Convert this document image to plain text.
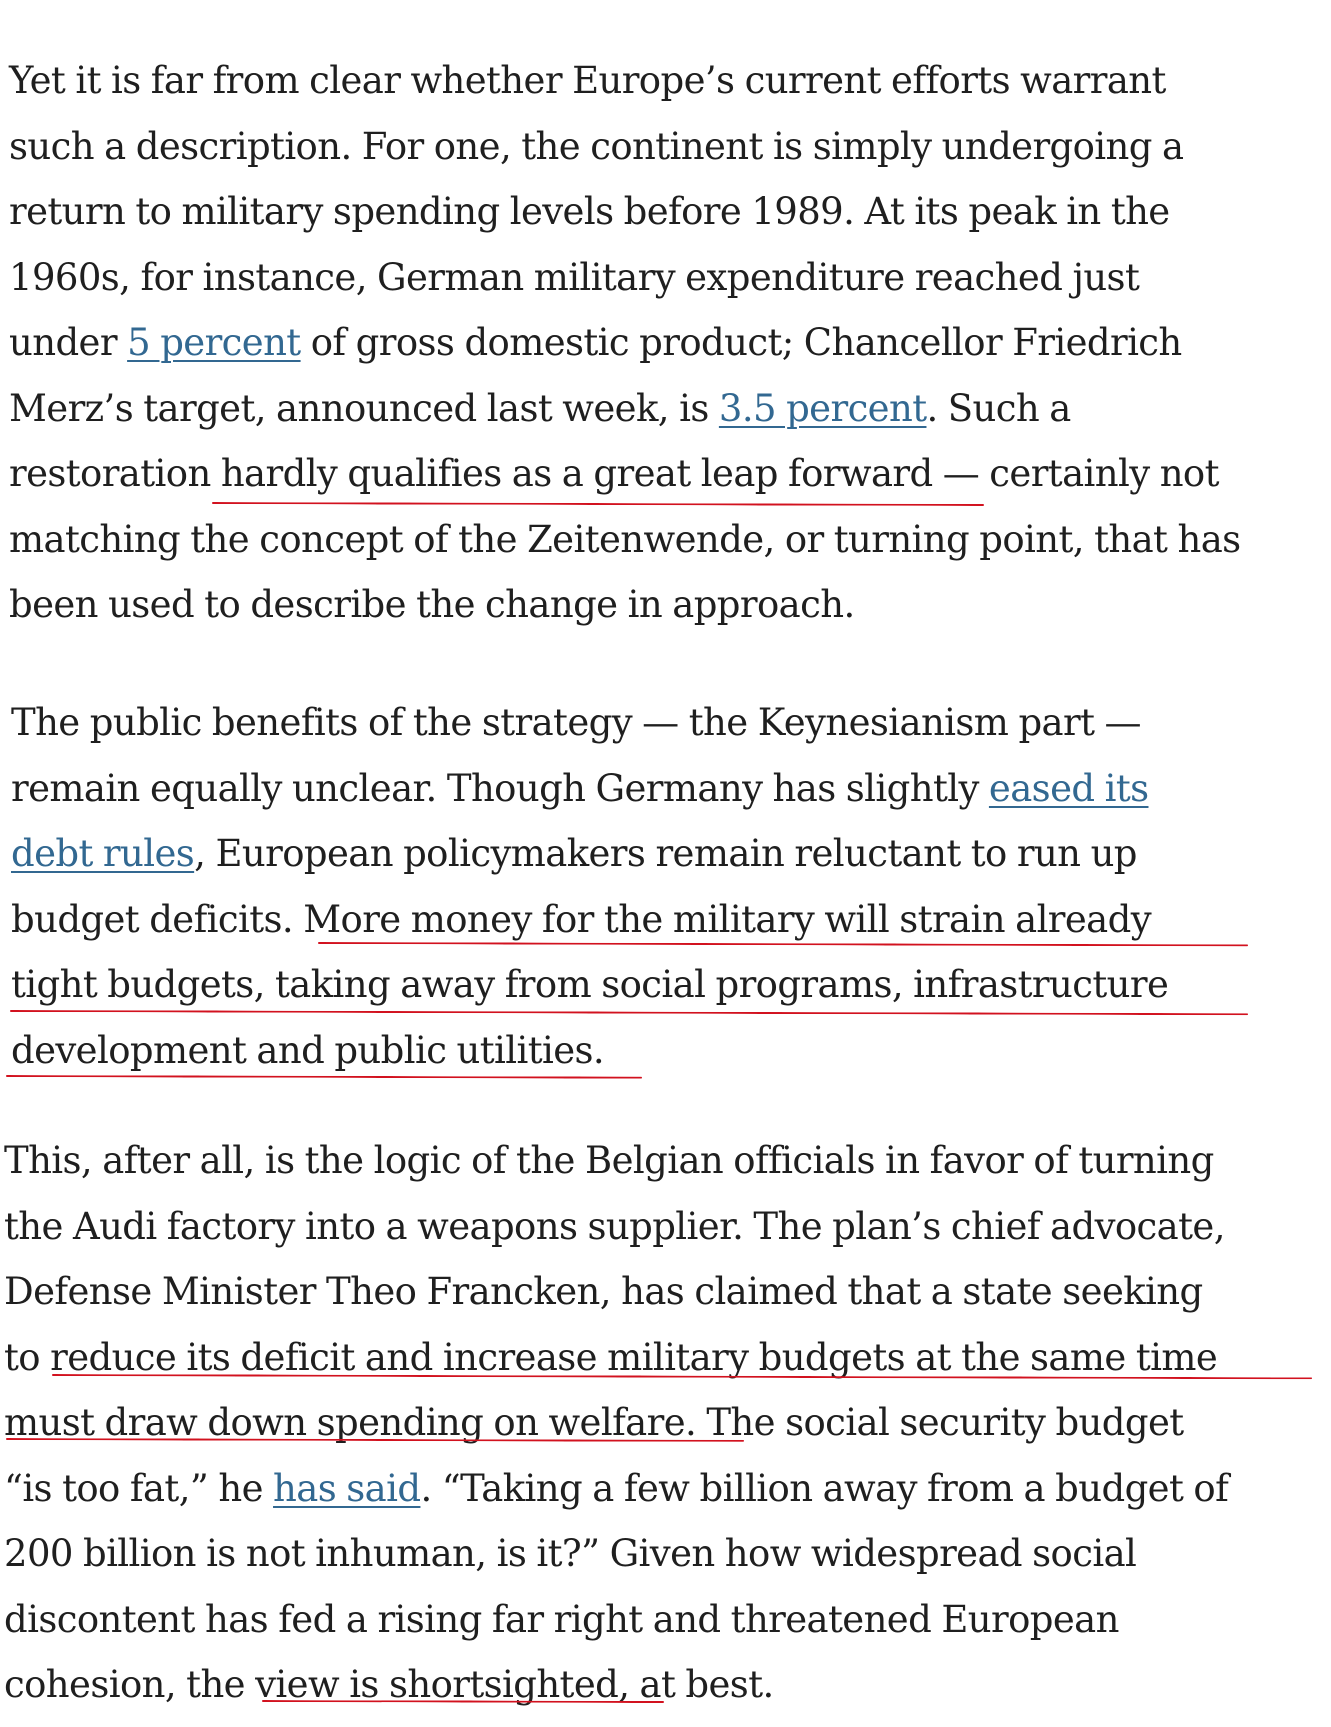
Yet it is far from clear whether Europe’s current efforts warrant
such a description. For one, the continent is simply undergoing a
return to military spending levels before 1989. At its peak in the
1960s, for instance, German military expenditure reached just
under 5 percent of gross domestic product; Chancellor Friedrich
Merz’s target, announced last week, is 3.5 percent. Such a
restoration hardly qualifies as a great leap forward — certainly not
matching the concept of the Zeitenwende, or turning point, that has
been used to describe the change in approach.

The public benefits of the strategy — the Keynesianism part —
remain equally unclear. Though Germany has slightly eased its
debt rules, European policymakers remain reluctant to run up
budget deficits. More money for the military will strain already
tight budgets, taking away from social programs, infrastructure
development and public utilities.

This, after all, is the logic of the Belgian officials in favor of turning
the Audi factory into a weapons supplier. The plan’s chief advocate,
Defense Minister Theo Francken, has claimed that a state seeking
to reduce its deficit and increase military budgets at the same time
must draw down spending on welfare. The social security budget
“is too fat,” he has said. “Taking a few billion away from a budget of
200 billion is not inhuman, is it?” Given how widespread social
discontent has fed a rising far right and threatened European
cohesion, the view is shortsighted, at best.
